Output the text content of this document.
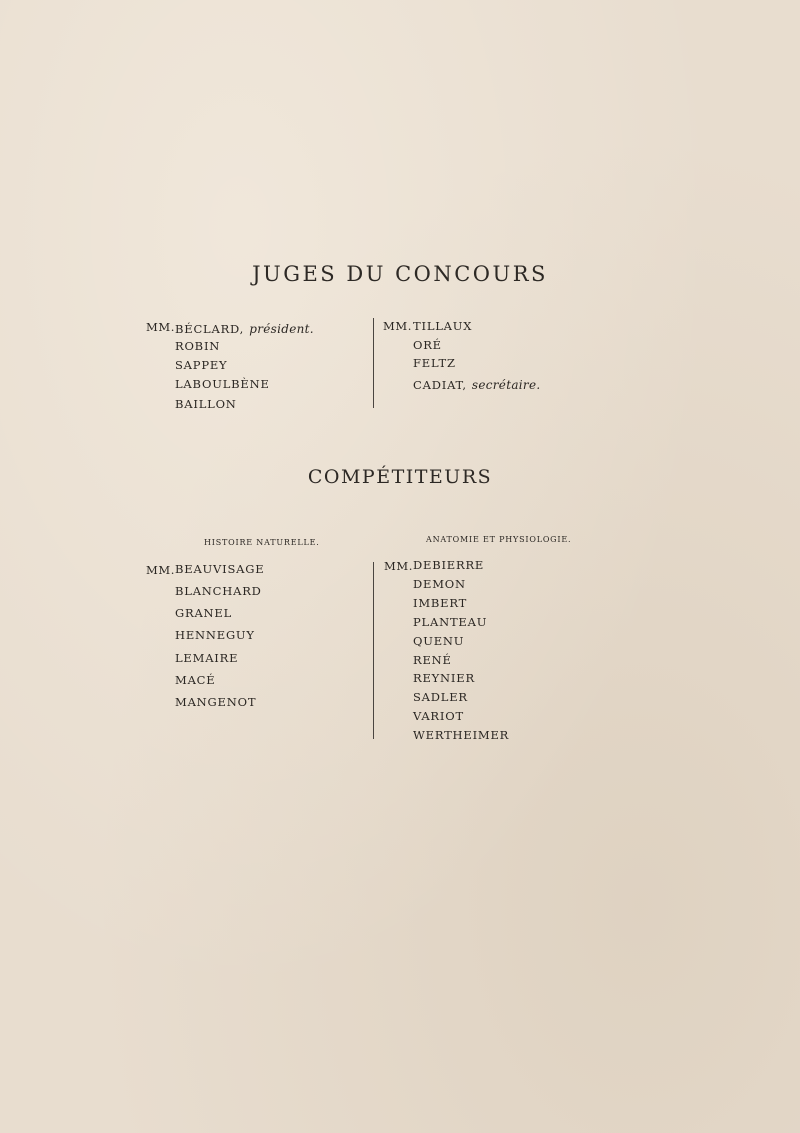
JUGES DU CONCOURS
MM. BÉCLARD, président.
ROBIN
SAPPEY
LABOULBÈNE
BAILLON
MM. TILLAUX
ORÉ
FELTZ
CADIAT, secrétaire.
COMPÉTITEURS
HISTOIRE NATURELLE.	ANATOMIE ET PHYSIOLOGIE.
MM. BEAUVISAGE
BLANCHARD
GRANEL
HENNEGUY
LEMAIRE
MACÉ
MANGENOT
MM. DEBIERRE
DEMON
IMBERT
PLANTEAU
QUENU
RENÉ
REYNIER
SADLER
VARIOT
WERTHEIMER
